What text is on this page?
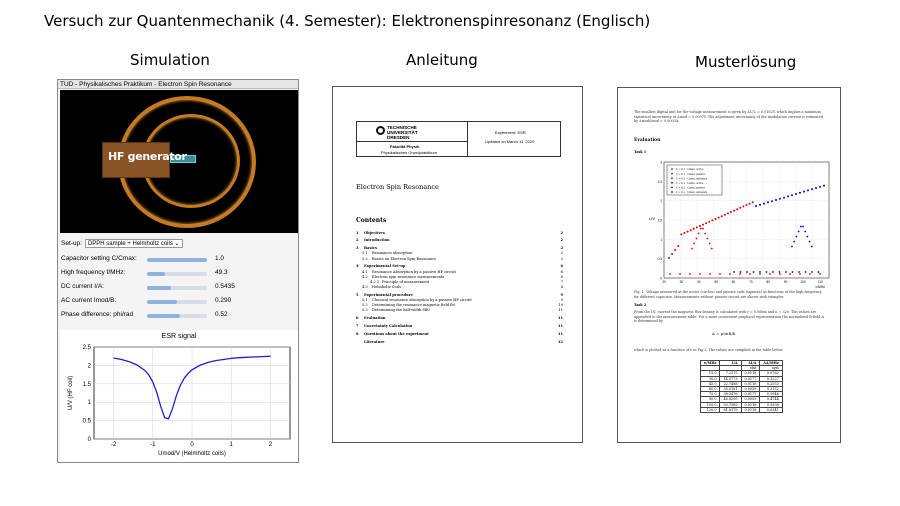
Versuch zur Quantenmechanik (4. Semester): Elektronenspinresonanz (Englisch)
Simulation	Anleitung	Musterlösung
TUD - Physikalisches Praktikum - Electron Spin Resonance
HF generator
Set-up:	DPPH sample + Helmholtz coils ⌄
Capacitor setting C/Cmax:	1.0
High frequency f/MHz:	49.3
DC current I/A:	0.5435
AC current Imod/B:	0.290
Phase difference: phi/rad	0.52
-2	-1	0	1	2
0
0.5
1
1.5
2
2.5
Umod/V (Helmholtz coils)
U/V (HF coil)
ESR signal
TECHNISCHE
UNIVERSITÄT
DRESDEN
Fakultät Physik
Physikalisches Grundpraktikum
Experiment: ESR
Updated on March 11, 2020
Electron Spin Resonance
Contents
1 Objectives	2
2 Introduction	2
3 Basics	2
3.1 Resonance absorption	2
3.2 Basics on Electron Spin Resonance	3
4 Experimental Set-up	6
4.1 Resonance Absorption by a passive HF circuit	6
4.2 Electron spin resonance measurements	6
4.2.1 Principle of measurement	7
4.3 Helmholtz Coils	8
5 Experimental procedure	9
5.1 Classical resonance absorption by a passive HF circuit	9
5.2 Determining the resonance magnetic field B0	10
5.3 Determining the half-width δB0	11
6 Evaluation	11
7 Uncertainty Calculation	11
8 Questions about the experiment	11
Literature	12
The smallest digital unit for the voltage measurement is given by ΔU/2 = 0.0162V, which implies a minimum statistical uncertainty of Δmod = 0.0097V. The adjustment uncertainty of the modulation current is estimated by Δmod/Imod = 0.0003A.
Evaluation
Task 1
20	30	40	50	60	70	80	90	100	110
3
2.5
2
1.5
1
0.5
0
ν/MHz
U/V
C = 0.1 · Cmax, active
C = 0.1 · Cmax, passive
C = 0.1 · Cmax, reference
C = 0.1 · Cmax, active
C = 0.1 · Cmax, passive
C = 0.1 · Cmax, reference
Fig. 1: Voltage measured at the active (circles) and passive coils (squares) as functions of the high frequency for different capacitor. Measurements without passive circuit are shown with triangles.
Task 2
From the DC current the magnetic flux density is calculated with r = 0.068m and n = 320. The values are appended to the measurement table. For a more convenient graphical representation the normalized B-field A is determined by
A = μ0nB/h
which is plotted as a function of ν in Fig.2. The values are compiled in the table below.
ν/MHz	I/A	ΔI/A	ΔA/MHz
		stat	syst
15.0	7.2375	0.0118	0.0762
30.0	14.0773	0.0177	0.1227
45.0	22.7488	0.0118	0.2053
60.0	30.5181	0.0059	0.3152
75.0	38.2476	0.0177	0.3946
90.0	46.0295	0.0059	0.4744
105.0	53.7589	0.0118	0.5538
120.0	61.6179	0.0118	0.6341
